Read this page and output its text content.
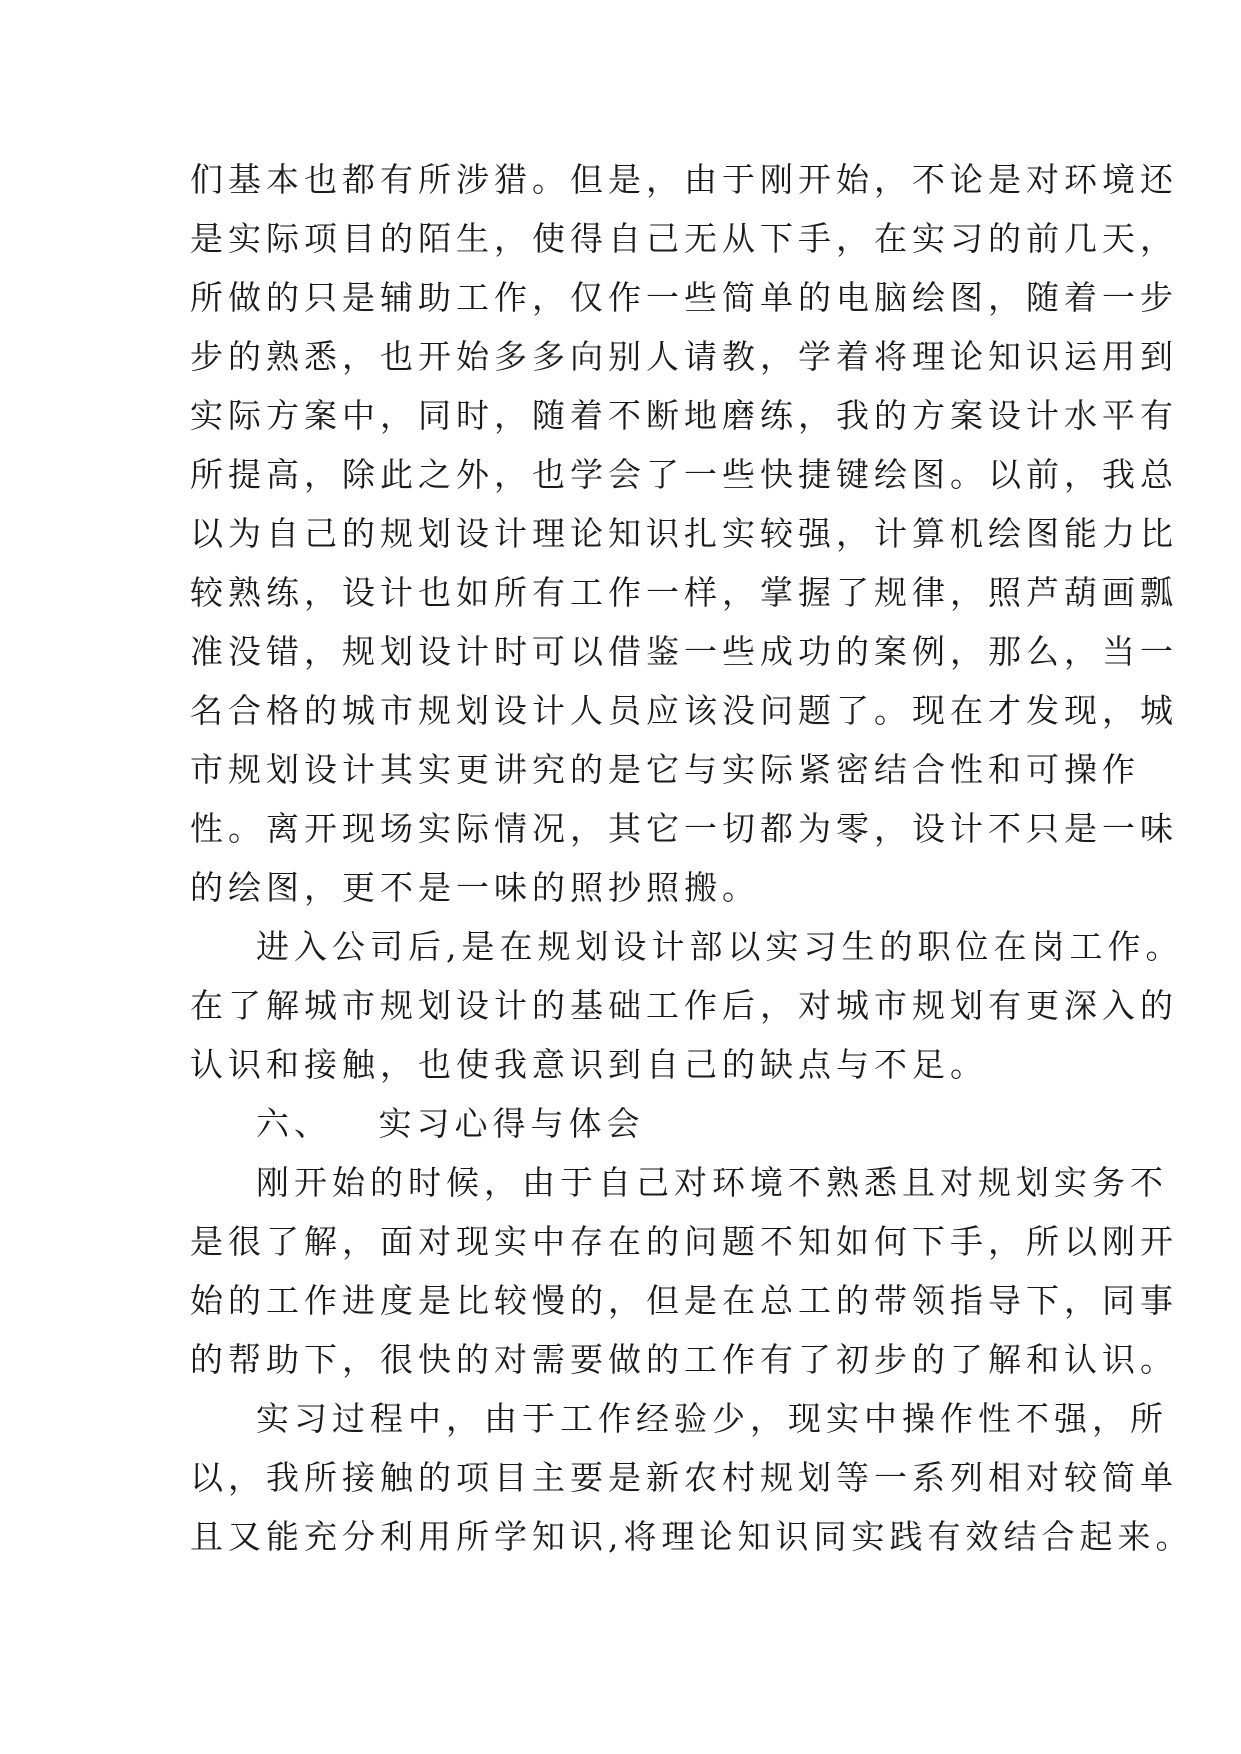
们基本也都有所涉猎。但是，由于刚开始，不论是对环境还
是实际项目的陌生，使得自己无从下手，在实习的前几天，
所做的只是辅助工作，仅作一些简单的电脑绘图，随着一步
步的熟悉，也开始多多向别人请教，学着将理论知识运用到
实际方案中，同时，随着不断地磨练，我的方案设计水平有
所提高，除此之外，也学会了一些快捷键绘图。以前，我总
以为自己的规划设计理论知识扎实较强，计算机绘图能力比
较熟练，设计也如所有工作一样，掌握了规律，照芦葫画瓢
准没错，规划设计时可以借鉴一些成功的案例，那么，当一
名合格的城市规划设计人员应该没问题了。现在才发现，城
市规划设计其实更讲究的是它与实际紧密结合性和可操作
性。离开现场实际情况，其它一切都为零，设计不只是一味
的绘图，更不是一味的照抄照搬。
进入公司后,是在规划设计部以实习生的职位在岗工作。
在了解城市规划设计的基础工作后，对城市规划有更深入的
认识和接触，也使我意识到自己的缺点与不足。
六、 实习心得与体会
刚开始的时候，由于自己对环境不熟悉且对规划实务不
是很了解，面对现实中存在的问题不知如何下手，所以刚开
始的工作进度是比较慢的，但是在总工的带领指导下，同事
的帮助下，很快的对需要做的工作有了初步的了解和认识。
实习过程中，由于工作经验少，现实中操作性不强，所
以，我所接触的项目主要是新农村规划等一系列相对较简单
且又能充分利用所学知识,将理论知识同实践有效结合起来。
